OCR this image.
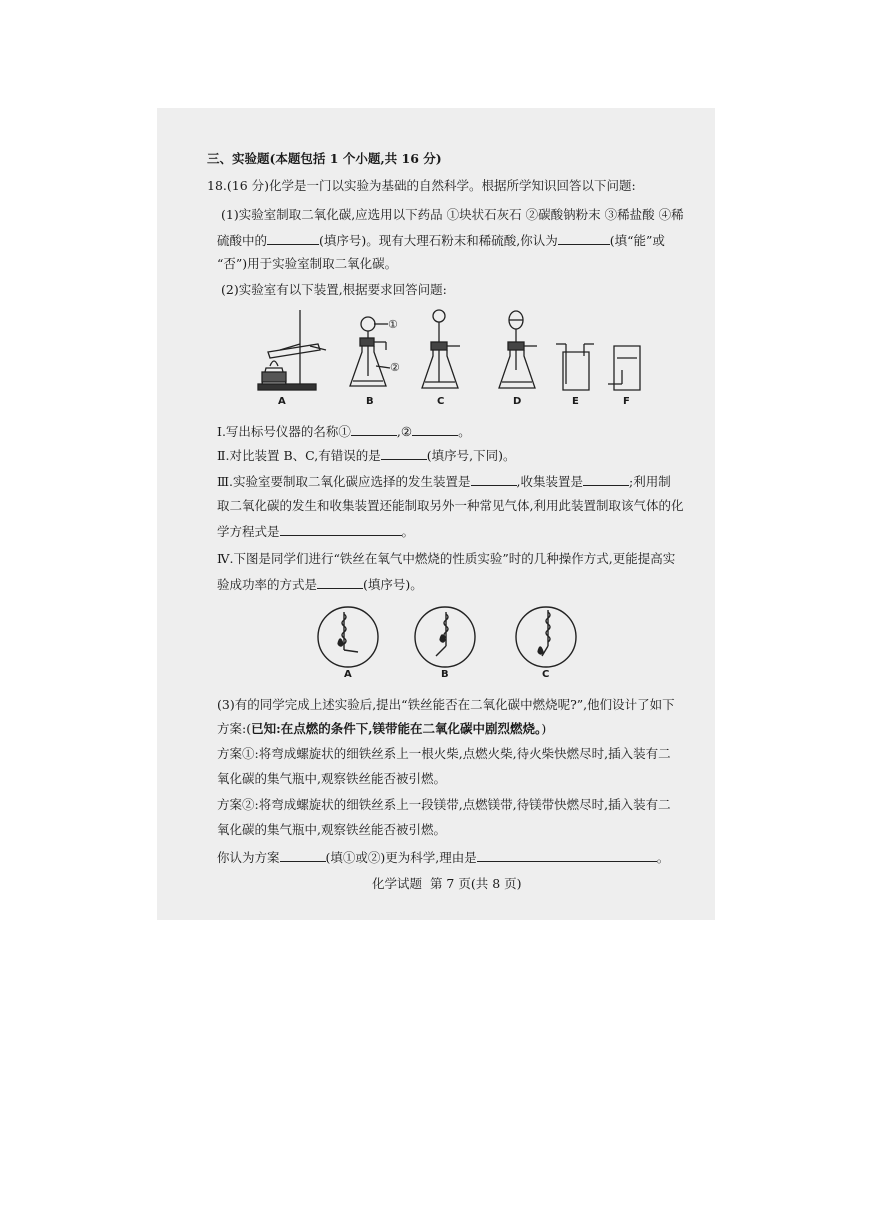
三、实验题(本题包括 1 个小题,共 16 分)
18.(16 分)化学是一门以实验为基础的自然科学。根据所学知识回答以下问题:
(1)实验室制取二氧化碳,应选用以下药品 ①块状石灰石 ②碳酸钠粉末 ③稀盐酸 ④稀
硫酸中的	(填序号)。现有大理石粉末和稀硫酸,你认为	(填“能”或
“否”)用于实验室制取二氧化碳。
(2)实验室有以下装置,根据要求回答问题:
A	B	C	D	E	F
①
②
Ⅰ.写出标号仪器的名称①	,②	。
Ⅱ.对比装置 B、C,有错误的是	(填序号,下同)。
Ⅲ.实验室要制取二氧化碳应选择的发生装置是	,收集装置是	;利用制
取二氧化碳的发生和收集装置还能制取另外一种常见气体,利用此装置制取该气体的化
学方程式是	。
Ⅳ.下图是同学们进行“铁丝在氧气中燃烧的性质实验”时的几种操作方式,更能提高实
验成功率的方式是	(填序号)。
A	B	C
(3)有的同学完成上述实验后,提出“铁丝能否在二氧化碳中燃烧呢?”,他们设计了如下
方案:(已知:在点燃的条件下,镁带能在二氧化碳中剧烈燃烧。)
方案①:将弯成螺旋状的细铁丝系上一根火柴,点燃火柴,待火柴快燃尽时,插入装有二
氧化碳的集气瓶中,观察铁丝能否被引燃。
方案②:将弯成螺旋状的细铁丝系上一段镁带,点燃镁带,待镁带快燃尽时,插入装有二
氧化碳的集气瓶中,观察铁丝能否被引燃。
你认为方案	(填①或②)更为科学,理由是	。
化学试题  第 7 页(共 8 页)
